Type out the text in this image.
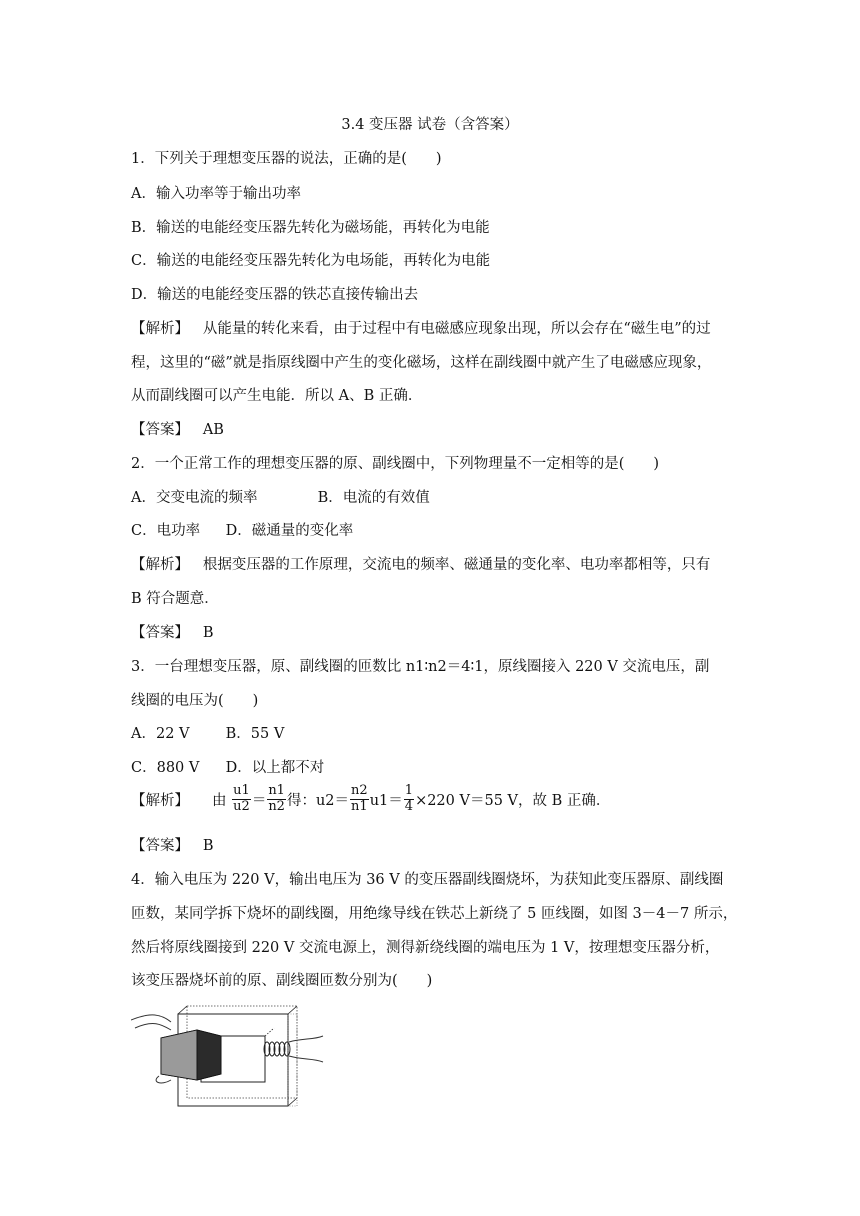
3.4 变压器 试卷（含答案）
1．下列关于理想变压器的说法，正确的是(　　)
A．输入功率等于输出功率
B．输送的电能经变压器先转化为磁场能，再转化为电能
C．输送的电能经变压器先转化为电场能，再转化为电能
D．输送的电能经变压器的铁芯直接传输出去
【解析】 从能量的转化来看，由于过程中有电磁感应现象出现，所以会存在“磁生电”的过
程，这里的“磁”就是指原线圈中产生的变化磁场，这样在副线圈中就产生了电磁感应现象，
从而副线圈可以产生电能．所以 A、B 正确．
【答案】 AB
2．一个正常工作的理想变压器的原、副线圈中，下列物理量不一定相等的是(　　)
A．交变电流的频率	B．电流的有效值
C．电功率 D．磁通量的变化率
【解析】 根据变压器的工作原理，交流电的频率、磁通量的变化率、电功率都相等，只有
B 符合题意．
【答案】 B
3．一台理想变压器，原、副线圈的匝数比 n1∶n2＝4∶1，原线圈接入 220 V 交流电压，副
线圈的电压为(　　)
A．22 V B．55 V
C．880 V D．以上都不对
【解析】 由 $\frac{u1}{u2} = \frac{n1}{n2}$ 得：$u2= \frac{n2}{n1} u1= \frac{1}{4} \times 220$ V＝55 V，故 B 正确．
【答案】 B
4．输入电压为 220 V，输出电压为 36 V 的变压器副线圈烧坏，为获知此变压器原、副线圈
匝数，某同学拆下烧坏的副线圈，用绝缘导线在铁芯上新绕了 5 匝线圈，如图 3－4－7 所示，
然后将原线圈接到 220 V 交流电源上，测得新绕线圈的端电压为 1 V，按理想变压器分析，
该变压器烧坏前的原、副线圈匝数分别为(　　)
